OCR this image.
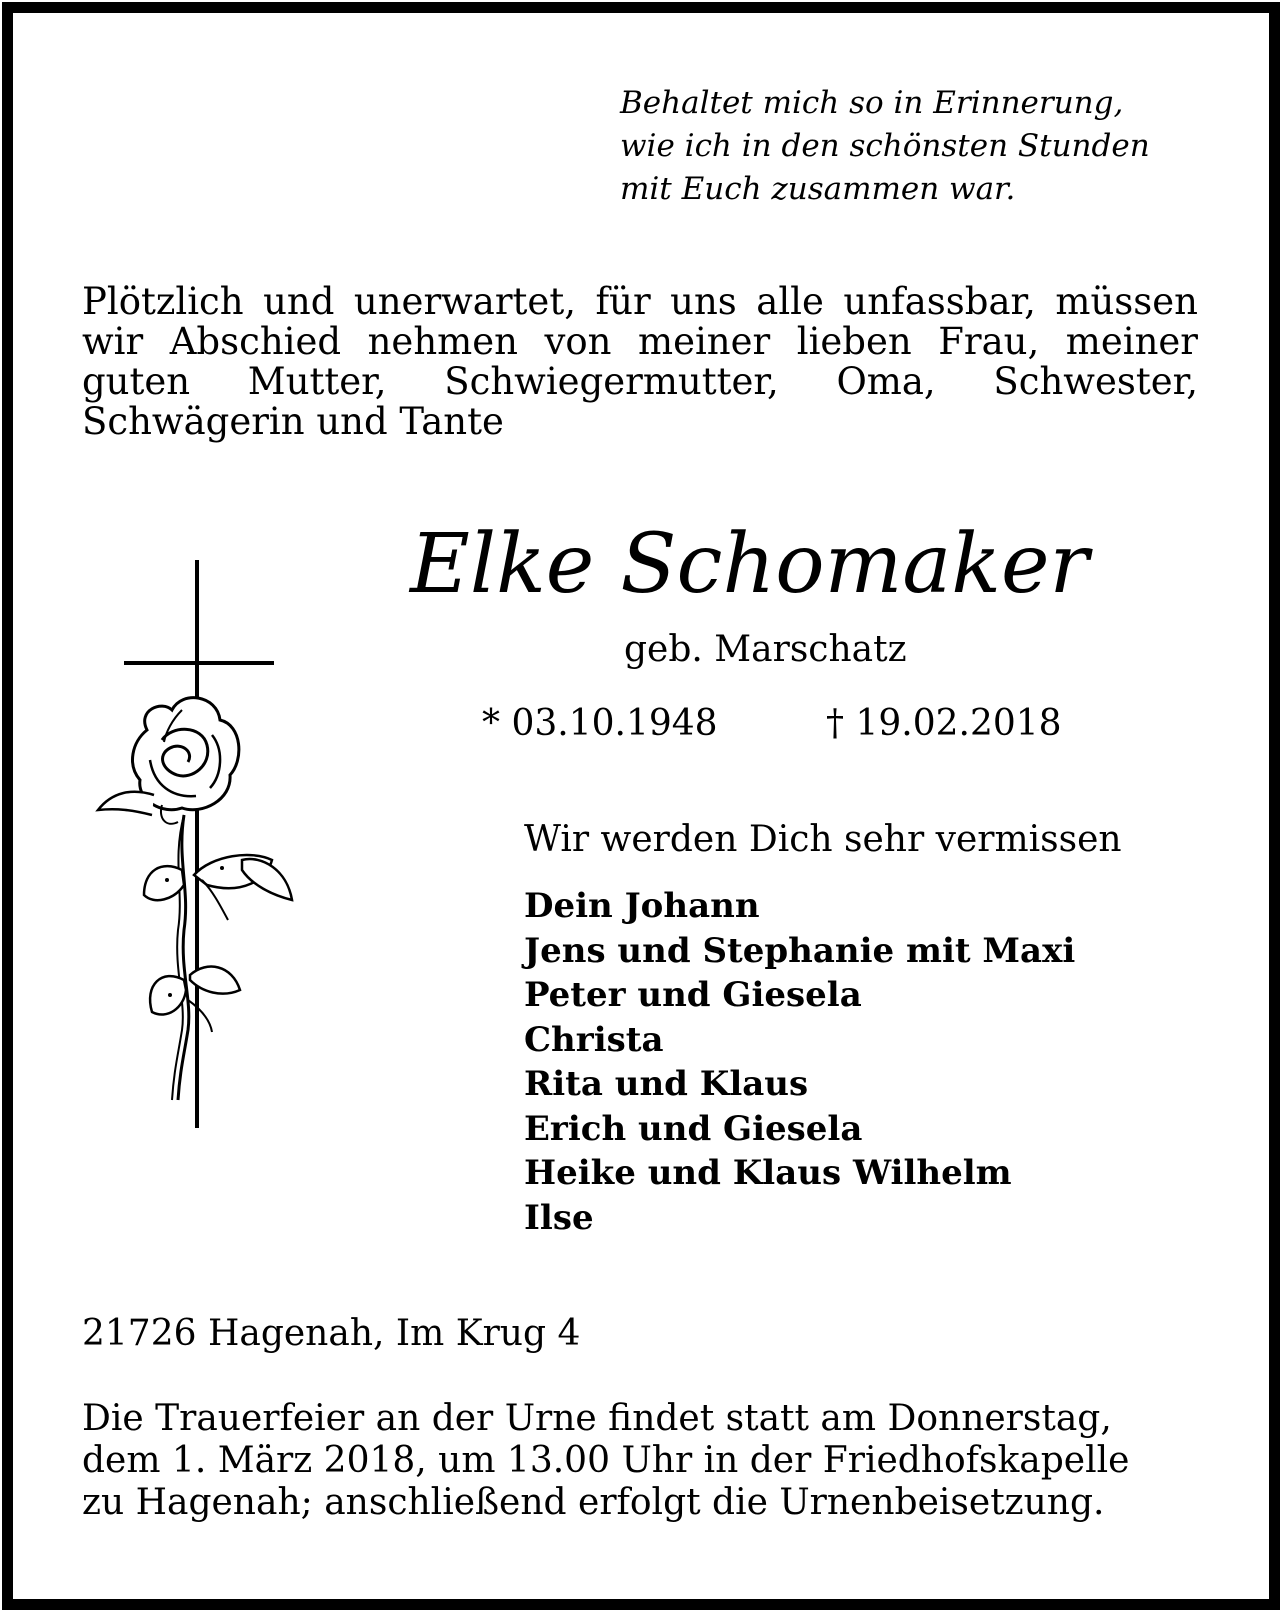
Behaltet mich so in Erinnerung,
wie ich in den schönsten Stunden
mit Euch zusammen war.
Plötzlich und unerwartet, für uns alle unfassbar, müssen
wir Abschied nehmen von meiner lieben Frau, meiner
guten Mutter, Schwiegermutter, Oma, Schwester,
Schwägerin und Tante
Elke Schomaker
geb. Marschatz
* 03.10.1948	† 19.02.2018
Wir werden Dich sehr vermissen
Dein Johann
Jens und Stephanie mit Maxi
Peter und Giesela
Christa
Rita und Klaus
Erich und Giesela
Heike und Klaus Wilhelm
Ilse
21726 Hagenah, Im Krug 4
Die Trauerfeier an der Urne findet statt am Donnerstag,
dem 1. März 2018, um 13.00 Uhr in der Friedhofskapelle
zu Hagenah; anschließend erfolgt die Urnenbeisetzung.
